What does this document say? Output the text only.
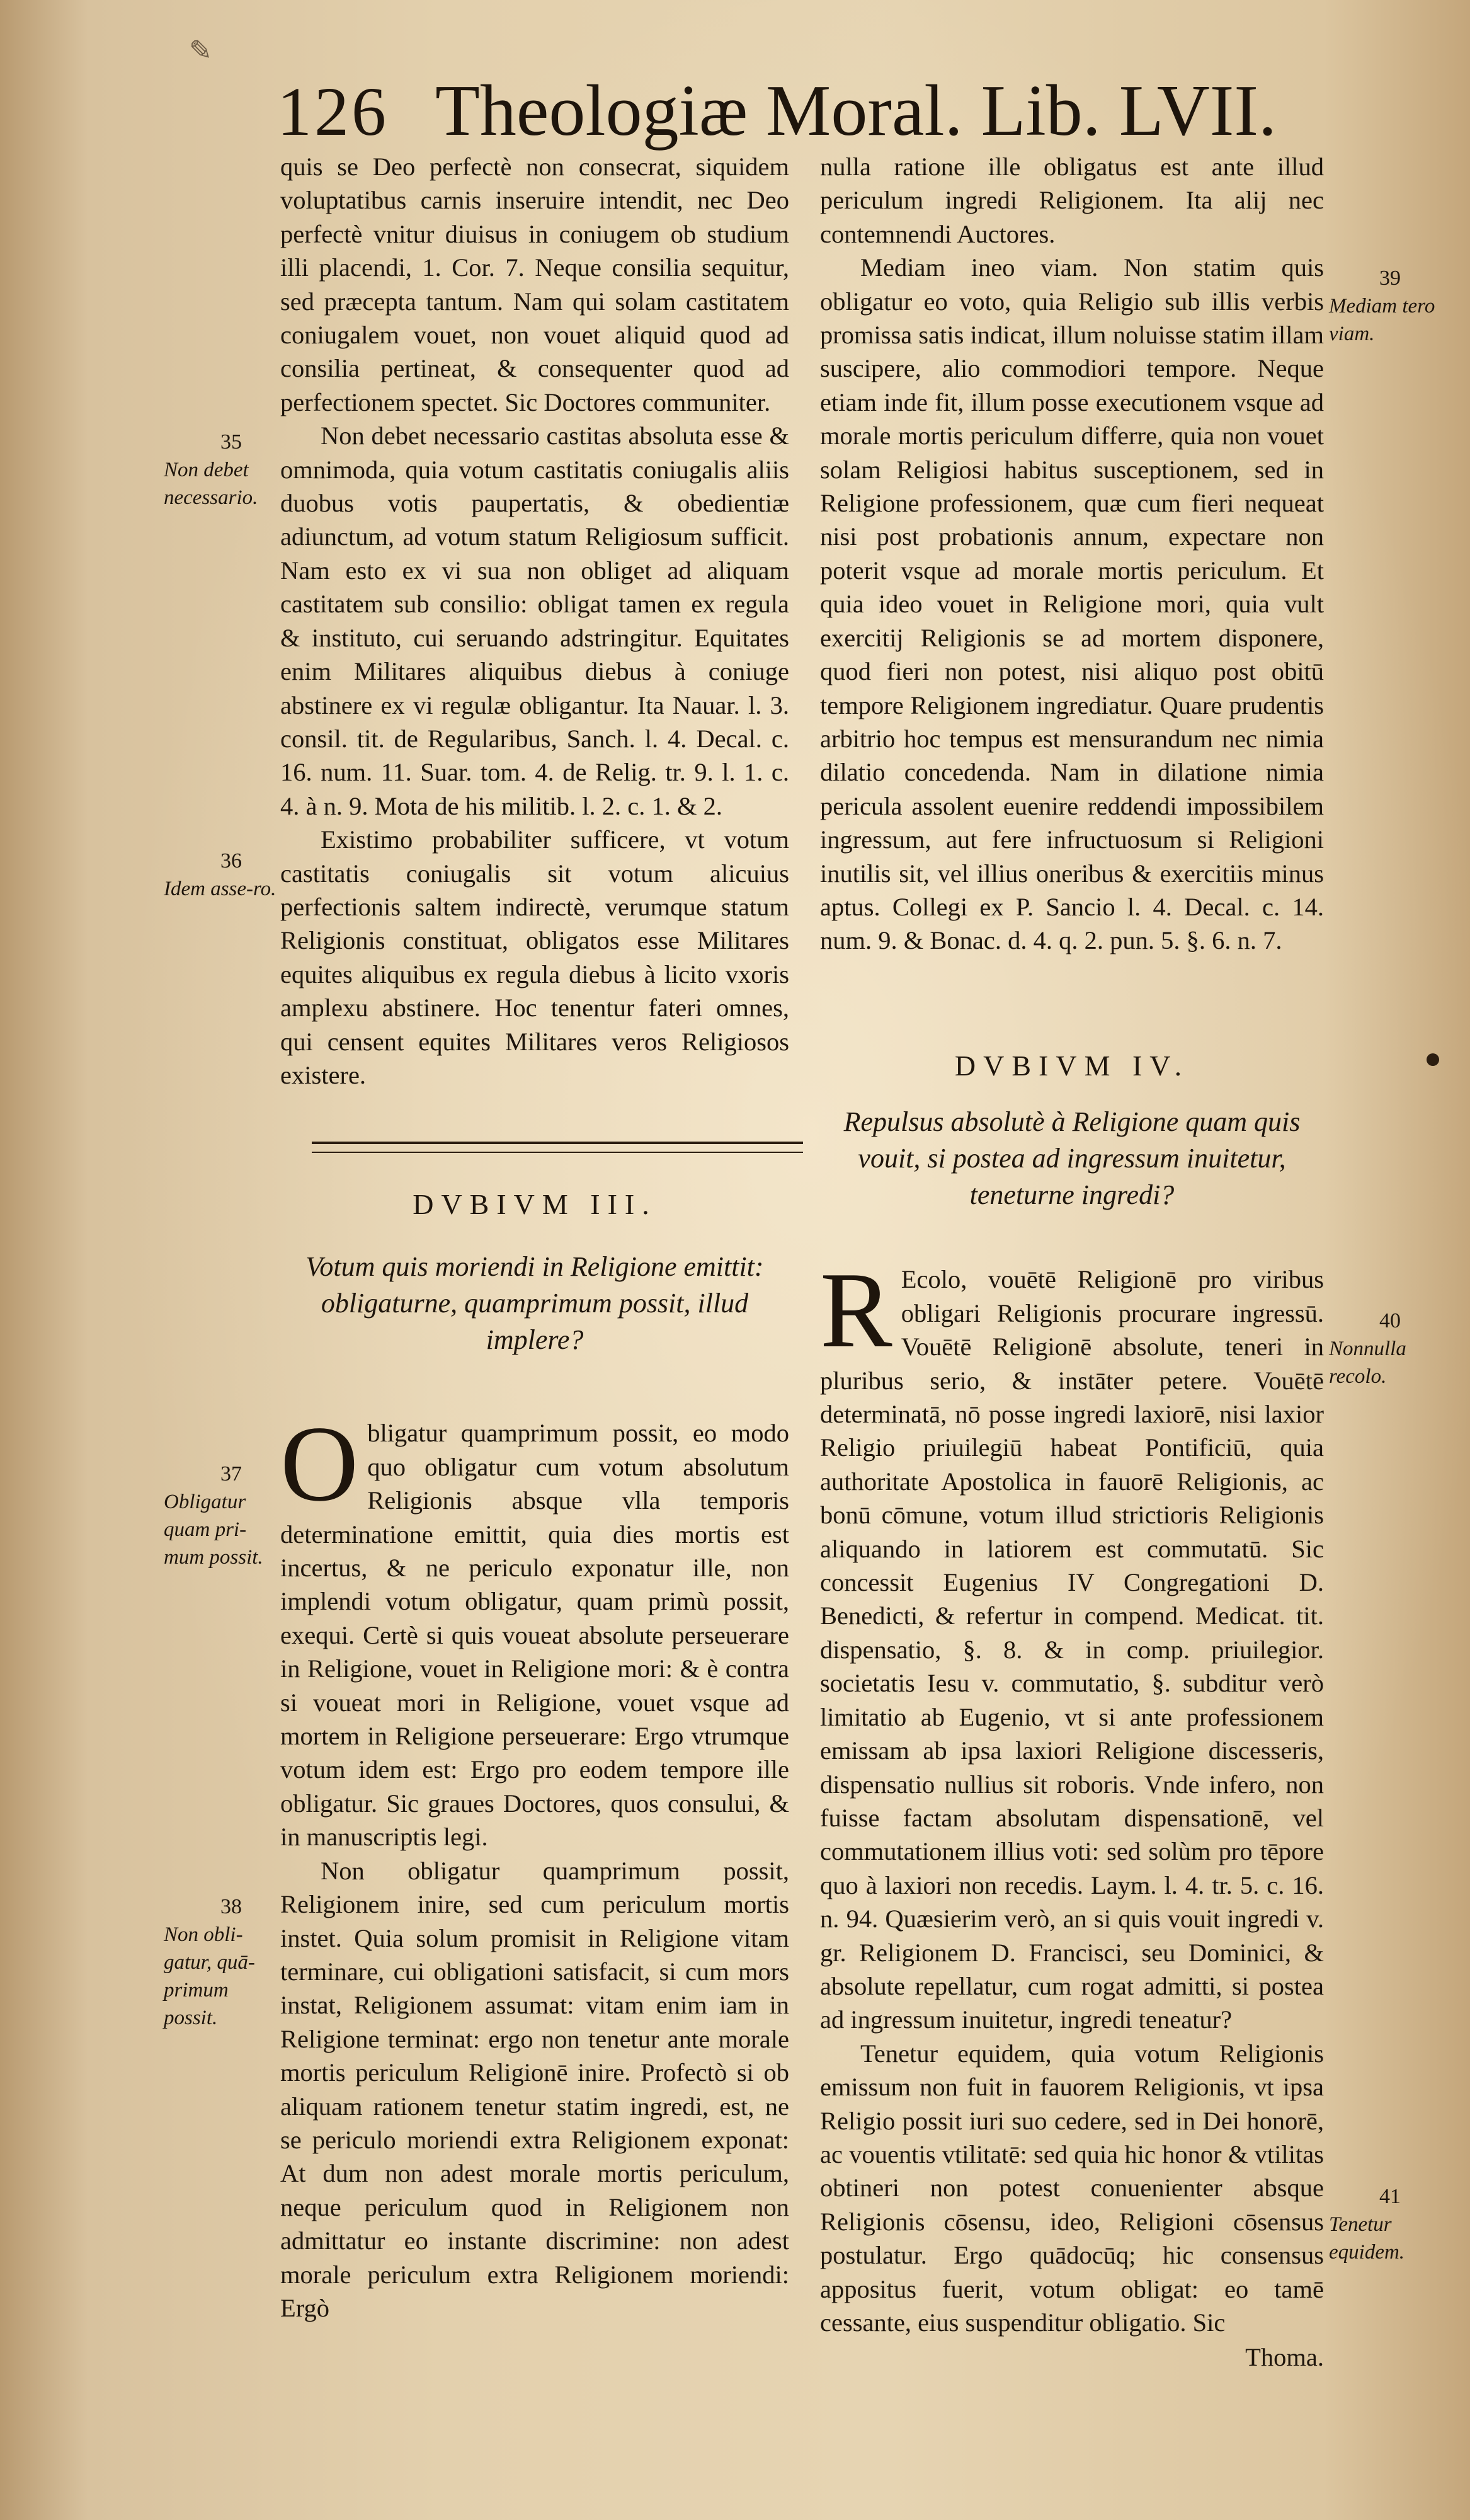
✎
126 Theologiæ Moral. Lib. LVII.

quis se Deo perfectè non consecrat, siquidem voluptatibus carnis inseruire intendit, nec Deo perfectè vnitur diuisus in coniugem ob studium illi placendi, 1. Cor. 7. Neque consilia sequitur, sed præcepta tantum. Nam qui solam castitatem coniugalem vouet, non vouet aliquid quod ad consilia pertineat, & consequenter quod ad perfectionem spectet. Sic Doctores communiter.

Non debet necessario castitas absoluta esse & omnimoda, quia votum castitatis coniugalis aliis duobus votis paupertatis, & obedientiæ adiunctum, ad votum statum Religiosum sufficit. Nam esto ex vi sua non obliget ad aliquam castitatem sub consilio: obligat tamen ex regula & instituto, cui seruando adstringitur. Equitates enim Militares aliquibus diebus à coniuge abstinere ex vi regulæ obligantur. Ita Nauar. l. 3. consil. tit. de Regularibus, Sanch. l. 4. Decal. c. 16. num. 11. Suar. tom. 4. de Relig. tr. 9. l. 1. c. 4. à n. 9. Mota de his militib. l. 2. c. 1. & 2.

Existimo probabiliter sufficere, vt votum castitatis coniugalis sit votum alicuius perfectionis saltem indirectè, verumque statum Religionis constituat, obligatos esse Militares equites aliquibus ex regula diebus à licito vxoris amplexu abstinere. Hoc tenentur fateri omnes, qui censent equites Militares veros Religiosos existere.

DVBIVM III.

Votum quis moriendi in Religione emittit: obligaturne, quamprimum possit, illud implere?

O bligatur quamprimum possit, eo modo quo obligatur cum votum absolutum Religionis absque vlla temporis determinatione emittit, quia dies mortis est incertus, & ne periculo exponatur ille, non implendi votum obligatur, quam primù possit, exequi. Certè si quis voueat absolute perseuerare in Religione, vouet in Religione mori: & è contra si voueat mori in Religione, vouet vsque ad mortem in Religione perseuerare: Ergo vtrumque votum idem est: Ergo pro eodem tempore ille obligatur. Sic graues Doctores, quos consului, & in manuscriptis legi.

Non obligatur quamprimum possit, Religionem inire, sed cum periculum mortis instet. Quia solum promisit in Religione vitam terminare, cui obligationi satisfacit, si cum mors instat, Religionem assumat: vitam enim iam in Religione terminat: ergo non tenetur ante morale mortis periculum Religionē inire. Profectò si ob aliquam rationem tenetur statim ingredi, est, ne se periculo moriendi extra Religionem exponat: At dum non adest morale mortis periculum, neque periculum quod in Religionem non admittatur eo instante discrimine: non adest morale periculum extra Religionem moriendi: Ergò

nulla ratione ille obligatus est ante illud periculum ingredi Religionem. Ita alij nec contemnendi Auctores.

Mediam ineo viam. Non statim quis obligatur eo voto, quia Religio sub illis verbis promissa satis indicat, illum noluisse statim illam suscipere, alio commodiori tempore. Neque etiam inde fit, illum posse executionem vsque ad morale mortis periculum differre, quia non vouet solam Religiosi habitus susceptionem, sed in Religione professionem, quæ cum fieri nequeat nisi post probationis annum, expectare non poterit vsque ad morale mortis periculum. Et quia ideo vouet in Religione mori, quia vult exercitij Religionis se ad mortem disponere, quod fieri non potest, nisi aliquo post obitū tempore Religionem ingrediatur. Quare prudentis arbitrio hoc tempus est mensurandum nec nimia dilatio concedenda. Nam in dilatione nimia pericula assolent euenire reddendi impossibilem ingressum, aut fere infructuosum si Religioni inutilis sit, vel illius oneribus & exercitiis minus aptus. Collegi ex P. Sancio l. 4. Decal. c. 14. num. 9. & Bonac. d. 4. q. 2. pun. 5. §. 6. n. 7.

DVBIVM IV.

Repulsus absolutè à Religione quam quis vouit, si postea ad ingressum inuitetur, teneturne ingredi?

R Ecolo, vouētē Religionē pro viribus obligari Religionis procurare ingressū. Vouētē Religionē absolute, teneri in pluribus serio, & instāter petere. Vouētē determinatā, nō posse ingredi laxiorē, nisi laxior Religio priuilegiū habeat Pontificiū, quia authoritate Apostolica in fauorē Religionis, ac bonū cōmune, votum illud strictioris Religionis aliquando in latiorem est commutatū. Sic concessit Eugenius IV Congregationi D. Benedicti, & refertur in compend. Medicat. tit. dispensatio, §. 8. & in comp. priuilegior. societatis Iesu v. commutatio, §. subditur verò limitatio ab Eugenio, vt si ante professionem emissam ab ipsa laxiori Religione discesseris, dispensatio nullius sit roboris. Vnde infero, non fuisse factam absolutam dispensationē, vel commutationem illius voti: sed solùm pro tēpore quo à laxiori non recedis. Laym. l. 4. tr. 5. c. 16. n. 94. Quæsierim verò, an si quis vouit ingredi v. gr. Religionem D. Francisci, seu Dominici, & absolute repellatur, cum rogat admitti, si postea ad ingressum inuitetur, ingredi teneatur?

Tenetur equidem, quia votum Religionis emissum non fuit in fauorem Religionis, vt ipsa Religio possit iuri suo cedere, sed in Dei honorē, ac vouentis vtilitatē: sed quia hic honor & vtilitas obtineri non potest conuenienter absque Religionis cōsensu, ideo, Religioni cōsensus postulatur. Ergo quādocūq; hic consensus appositus fuerit, votum obligat: eo tamē cessante, eius suspenditur obligatio. Sic

Thoma.

35
Non debet necessario.
36
Idem asse-ro.
37
Obligatur quam pri-mum possit.
38
Non obli-gatur, quā-primum possit.
39
Mediam tero viam.
40
Nonnulla recolo.
41
Tenetur equidem.
